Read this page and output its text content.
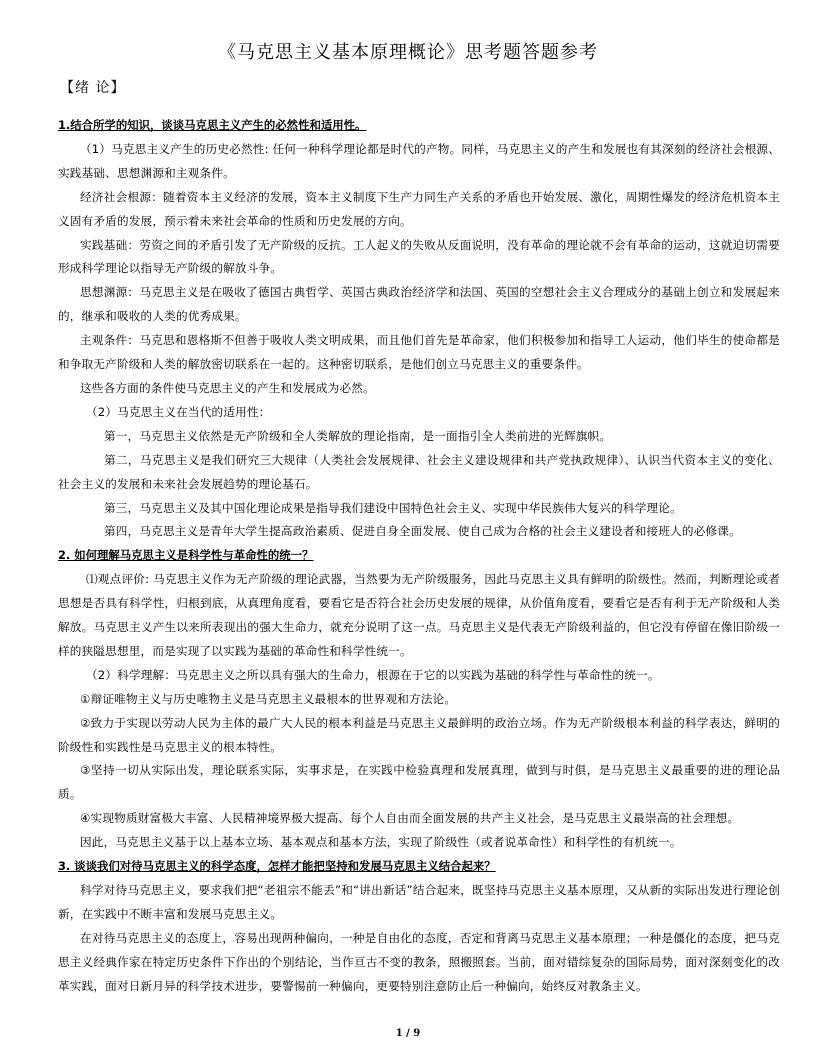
《马克思主义基本原理概论》思考题答题参考
【绪 论】

1.结合所学的知识，谈谈马克思主义产生的必然性和适用性。

（1）马克思主义产生的历史必然性: 任何一种科学理论都是时代的产物。同样，马克思主义的产生和发展也有其深刻的经济社会根源、实践基础、思想渊源和主观条件。

经济社会根源：随着资本主义经济的发展，资本主义制度下生产力同生产关系的矛盾也开始发展、激化，周期性爆发的经济危机资本主义固有矛盾的发展，预示着未来社会革命的性质和历史发展的方向。

实践基础：劳资之间的矛盾引发了无产阶级的反抗。工人起义的失败从反面说明，没有革命的理论就不会有革命的运动，这就迫切需要形成科学理论以指导无产阶级的解放斗争。

思想渊源：马克思主义是在吸收了德国古典哲学、英国古典政治经济学和法国、英国的空想社会主义合理成分的基础上创立和发展起来的，继承和吸收的人类的优秀成果。

主观条件：马克思和恩格斯不但善于吸收人类文明成果，而且他们首先是革命家，他们积极参加和指导工人运动，他们毕生的使命都是和争取无产阶级和人类的解放密切联系在一起的。这种密切联系，是他们创立马克思主义的重要条件。

这些各方面的条件使马克思主义的产生和发展成为必然。

（2）马克思主义在当代的适用性：

第一，马克思主义依然是无产阶级和全人类解放的理论指南，是一面指引全人类前进的光辉旗帜。

第二，马克思主义是我们研究三大规律（人类社会发展规律、社会主义建设规律和共产党执政规律）、认识当代资本主义的变化、社会主义的发展和未来社会发展趋势的理论基石。

第三，马克思主义及其中国化理论成果是指导我们建设中国特色社会主义、实现中华民族伟大复兴的科学理论。

第四，马克思主义是青年大学生提高政治素质、促进自身全面发展、使自己成为合格的社会主义建设者和接班人的必修课。

2. 如何理解马克思主义是科学性与革命性的统一？

⑴观点评价: 马克思主义作为无产阶级的理论武器，当然要为无产阶级服务，因此马克思主义具有鲜明的阶级性。然而，判断理论或者思想是否具有科学性，归根到底，从真理角度看，要看它是否符合社会历史发展的规律，从价值角度看，要看它是否有利于无产阶级和人类解放。马克思主义产生以来所表现出的强大生命力，就充分说明了这一点。马克思主义是代表无产阶级利益的，但它没有停留在像旧阶级一样的狭隘思想里，而是实现了以实践为基础的革命性和科学性统一。

（2）科学理解：马克思主义之所以具有强大的生命力，根源在于它的以实践为基础的科学性与革命性的统一。

①辩证唯物主义与历史唯物主义是马克思主义最根本的世界观和方法论。

②致力于实现以劳动人民为主体的最广大人民的根本利益是马克思主义最鲜明的政治立场。作为无产阶级根本利益的科学表达，鲜明的阶级性和实践性是马克思主义的根本特性。

③坚持一切从实际出发，理论联系实际，实事求是，在实践中检验真理和发展真理，做到与时俱，是马克思主义最重要的进的理论品质。

④实现物质财富极大丰富、人民精神境界极大提高、每个人自由而全面发展的共产主义社会，是马克思主义最崇高的社会理想。

因此，马克思主义基于以上基本立场、基本观点和基本方法，实现了阶级性（或者说革命性）和科学性的有机统一。

3. 谈谈我们对待马克思主义的科学态度，怎样才能把坚持和发展马克思主义结合起来？

科学对待马克思主义，要求我们把“老祖宗不能丢”和“讲出新话”结合起来，既坚持马克思主义基本原理，又从新的实际出发进行理论创新，在实践中不断丰富和发展马克思主义。

在对待马克思主义的态度上，容易出现两种偏向，一种是自由化的态度，否定和背离马克思主义基本原理；一种是僵化的态度，把马克思主义经典作家在特定历史条件下作出的个别结论，当作亘古不变的教条，照搬照套。当前，面对错综复杂的国际局势，面对深刻变化的改革实践，面对日新月异的科学技术进步，要警惕前一种偏向，更要特别注意防止后一种偏向，始终反对教条主义。

1 / 9
